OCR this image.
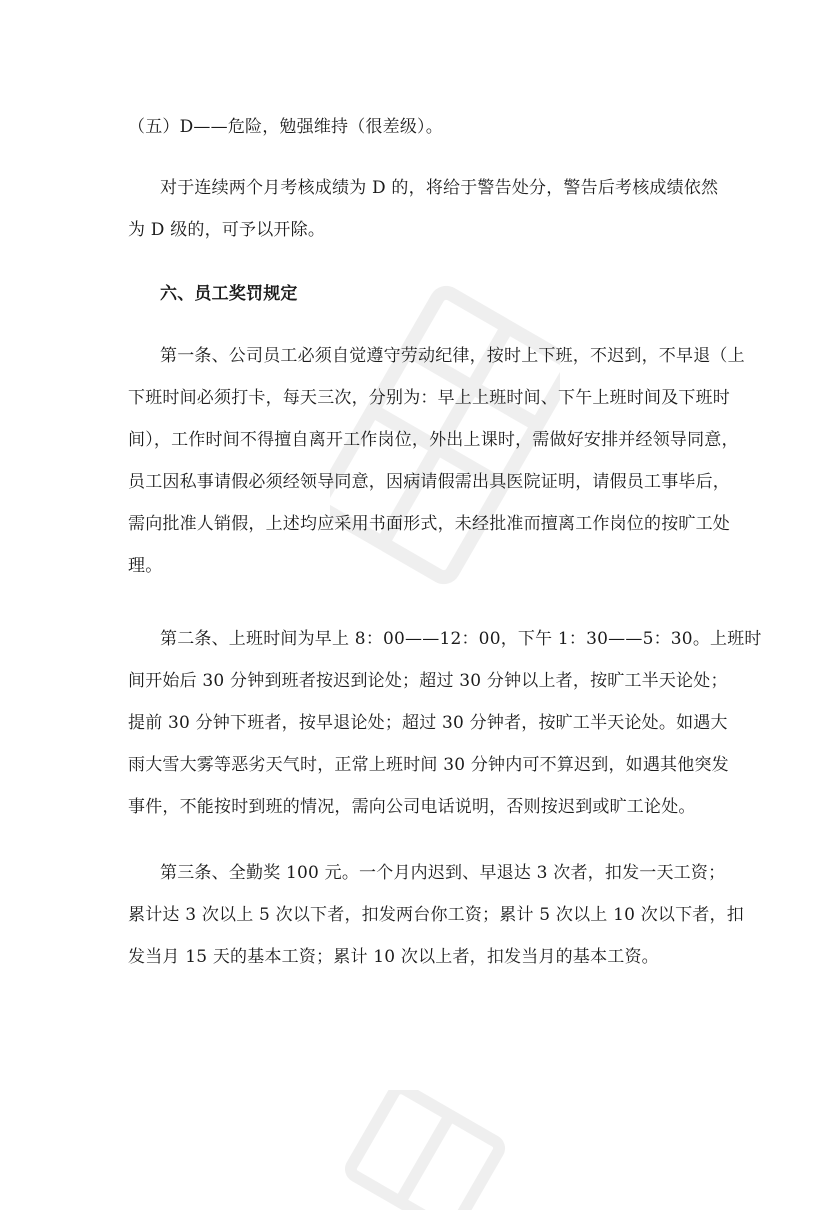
（五）D——危险，勉强维持（很差级）。
对于连续两个月考核成绩为 D 的，将给于警告处分，警告后考核成绩依然
为 D 级的，可予以开除。
六、员工奖罚规定
第一条、公司员工必须自觉遵守劳动纪律，按时上下班，不迟到，不早退（上
下班时间必须打卡，每天三次，分别为：早上上班时间、下午上班时间及下班时
间），工作时间不得擅自离开工作岗位，外出上课时，需做好安排并经领导同意，
员工因私事请假必须经领导同意，因病请假需出具医院证明，请假员工事毕后，
需向批准人销假，上述均应采用书面形式，未经批准而擅离工作岗位的按旷工处
理。
第二条、上班时间为早上 8：00——12：00，下午 1：30——5：30。上班时
间开始后 30 分钟到班者按迟到论处；超过 30 分钟以上者，按旷工半天论处；
提前 30 分钟下班者，按早退论处；超过 30 分钟者，按旷工半天论处。如遇大
雨大雪大雾等恶劣天气时，正常上班时间 30 分钟内可不算迟到，如遇其他突发
事件，不能按时到班的情况，需向公司电话说明，否则按迟到或旷工论处。
第三条、全勤奖 100 元。一个月内迟到、早退达 3 次者，扣发一天工资；
累计达 3 次以上 5 次以下者，扣发两台你工资；累计 5 次以上 10 次以下者，扣
发当月 15 天的基本工资；累计 10 次以上者，扣发当月的基本工资。
